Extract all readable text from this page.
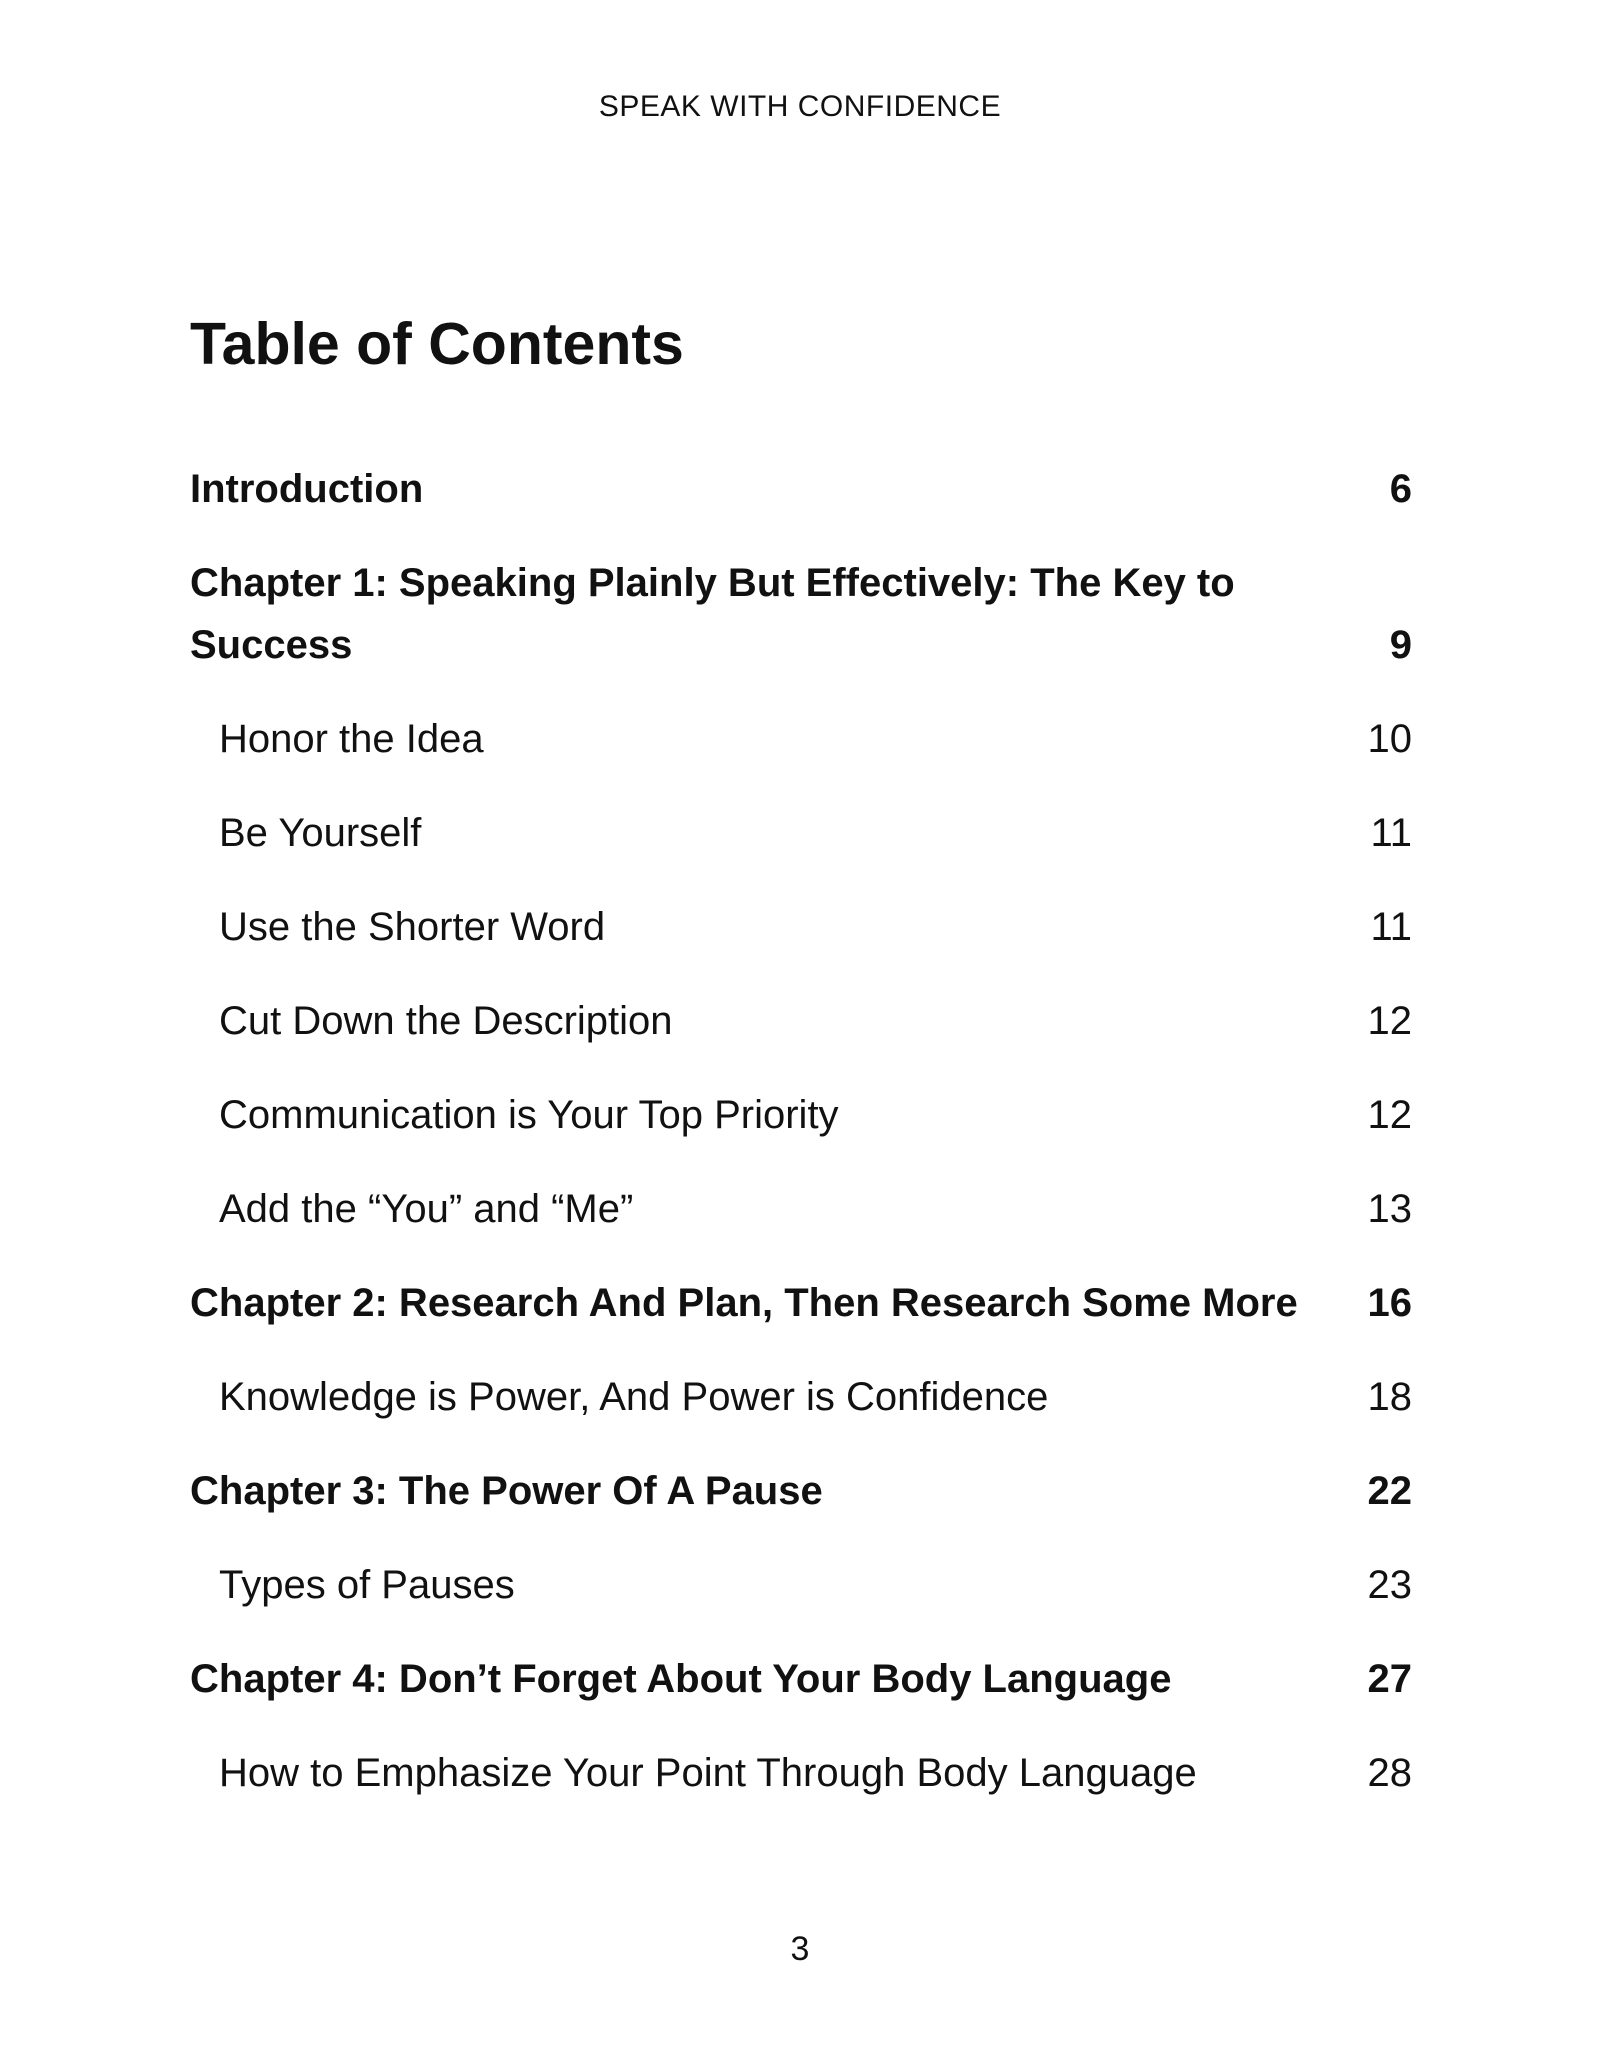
SPEAK WITH CONFIDENCE
Table of Contents
Introduction	6
Chapter 1: Speaking Plainly But Effectively: The Key to Success	9
Honor the Idea	10
Be Yourself	11
Use the Shorter Word	11
Cut Down the Description	12
Communication is Your Top Priority	12
Add the “You” and “Me”	13
Chapter 2: Research And Plan, Then Research Some More	16
Knowledge is Power, And Power is Confidence	18
Chapter 3: The Power Of A Pause	22
Types of Pauses	23
Chapter 4: Don’t Forget About Your Body Language	27
How to Emphasize Your Point Through Body Language	28
3
